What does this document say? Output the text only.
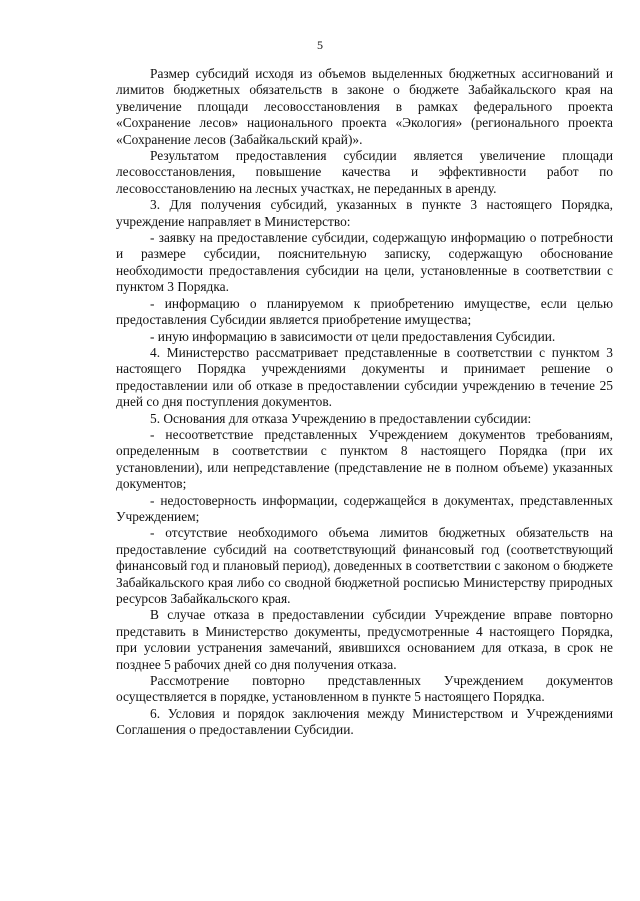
5

Размер субсидий исходя из объемов выделенных бюджетных ассигнований и лимитов бюджетных обязательств в законе о бюджете Забайкальского края на увеличение площади лесовосстановления в рамках федерального проекта «Сохранение лесов» национального проекта «Экология» (регионального проекта «Сохранение лесов (Забайкальский край)».

Результатом предоставления субсидии является увеличение площади лесовосстановления, повышение качества и эффективности работ по лесовосстановлению на лесных участках, не переданных в аренду.

3. Для получения субсидий, указанных в пункте 3 настоящего Порядка, учреждение направляет в Министерство:

- заявку на предоставление субсидии, содержащую информацию о потребности и размере субсидии, пояснительную записку, содержащую обоснование необходимости предоставления субсидии на цели, установленные в соответствии с пунктом 3 Порядка.

- информацию о планируемом к приобретению имуществе, если целью предоставления Субсидии является приобретение имущества;

- иную информацию в зависимости от цели предоставления Субсидии.

4. Министерство рассматривает представленные в соответствии с пунктом 3 настоящего Порядка учреждениями документы и принимает решение о предоставлении или об отказе в предоставлении субсидии учреждению в течение 25 дней со дня поступления документов.

5. Основания для отказа Учреждению в предоставлении субсидии:

- несоответствие представленных Учреждением документов требованиям, определенным в соответствии с пунктом 8 настоящего Порядка (при их установлении), или непредставление (представление не в полном объеме) указанных документов;

- недостоверность информации, содержащейся в документах, представленных Учреждением;

- отсутствие необходимого объема лимитов бюджетных обязательств на предоставление субсидий на соответствующий финансовый год (соответствующий финансовый год и плановый период), доведенных в соответствии с законом о бюджете Забайкальского края либо со сводной бюджетной росписью Министерству природных ресурсов Забайкальского края.

В случае отказа в предоставлении субсидии Учреждение вправе повторно представить в Министерство документы, предусмотренные 4 настоящего Порядка, при условии устранения замечаний, явившихся основанием для отказа, в срок не позднее 5 рабочих дней со дня получения отказа.

Рассмотрение повторно представленных Учреждением документов осуществляется в порядке, установленном в пункте 5 настоящего Порядка.

6. Условия и порядок заключения между Министерством и Учреждениями Соглашения о предоставлении Субсидии.
